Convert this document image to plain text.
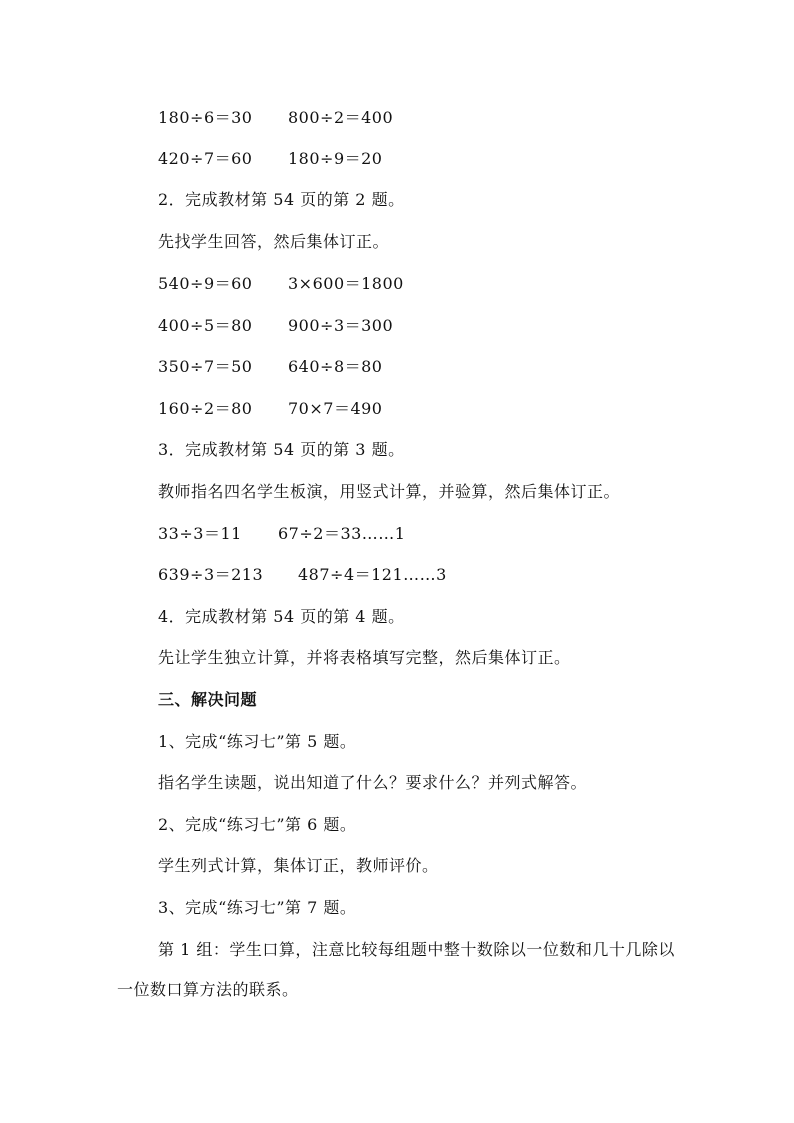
180÷6＝30 800÷2＝400
420÷7＝60 180÷9＝20
2．完成教材第 54 页的第 2 题。
先找学生回答，然后集体订正。
540÷9＝60 3×600＝1800
400÷5＝80 900÷3＝300
350÷7＝50 640÷8＝80
160÷2＝80 70×7＝490
3．完成教材第 54 页的第 3 题。
教师指名四名学生板演，用竖式计算，并验算，然后集体订正。
33÷3＝11 67÷2＝33……1
639÷3＝213 487÷4＝121……3
4．完成教材第 54 页的第 4 题。
先让学生独立计算，并将表格填写完整，然后集体订正。
三、解决问题
1、完成“练习七”第 5 题。
指名学生读题，说出知道了什么？要求什么？并列式解答。
2、完成“练习七”第 6 题。
学生列式计算，集体订正，教师评价。
3、完成“练习七”第 7 题。
第 1 组：学生口算，注意比较每组题中整十数除以一位数和几十几除以一位数口算方法的联系。
